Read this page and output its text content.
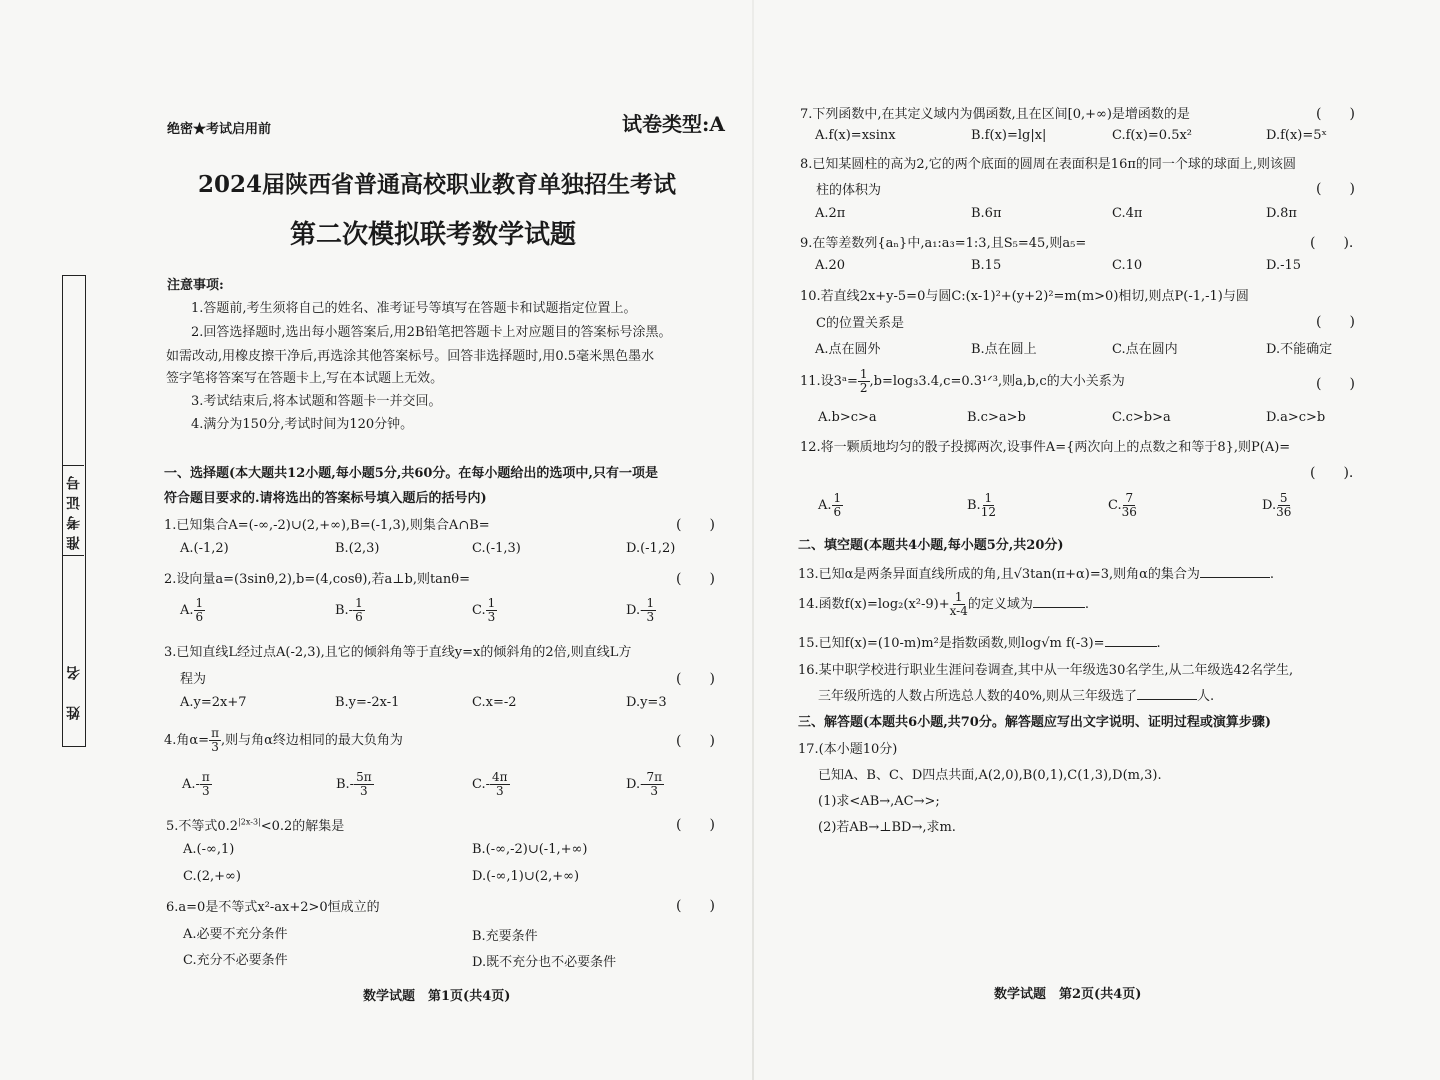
准考证号
姓　名
绝密★考试启用前	试卷类型:A
2024届陕西省普通高校职业教育单独招生考试
第二次模拟联考数学试题
注意事项:
1.答题前,考生须将自己的姓名、准考证号等填写在答题卡和试题指定位置上。
2.回答选择题时,选出每小题答案后,用2B铅笔把答题卡上对应题目的答案标号涂黑。
如需改动,用橡皮擦干净后,再选涂其他答案标号。回答非选择题时,用0.5毫米黑色墨水
签字笔将答案写在答题卡上,写在本试题上无效。
3.考试结束后,将本试题和答题卡一并交回。
4.满分为150分,考试时间为120分钟。
一、选择题(本大题共12小题,每小题5分,共60分。在每小题给出的选项中,只有一项是
符合题目要求的.请将选出的答案标号填入题后的括号内)
1.已知集合A=(-∞,-2)∪(2,+∞),B=(-1,3),则集合A∩B=	(　　)
A.(-1,2)	B.(2,3)	C.(-1,3)	D.(-1,2)
2.设向量a=(3sinθ,2),b=(4,cosθ),若a⊥b,则tanθ=	(　　)
A. $\frac{1}{6}$	$B.- \frac{1}{6}$	C. $\frac{1}{3}$	$D.- \frac{1}{3}$
3.已知直线L经过点A(-2,3),且它的倾斜角等于直线y=x的倾斜角的2倍,则直线L方
程为	(　　)
A.y=2x+7	B.y=-2x-1	C.x=-2	D.y=3
4.角$\alpha= \frac{\pi}{3}$ ,则与角α终边相同的最大负角为	(　　)
$A.- \frac{\pi}{3}$	$B.- \frac{5\pi}{3}$	$C.- \frac{4\pi}{3}$	$D.- \frac{7\pi}{3}$
5.不等式$0.2^{|2x-3|}<0.2$的解集是	(　　)
A.(-∞,1)	B.(-∞,-2)∪(-1,+∞)
C.(2,+∞)	D.(-∞,1)∪(2,+∞)
6.a=0是不等式x²-ax+2>0恒成立的	(　　)
A.必要不充分条件	B.充要条件
C.充分不必要条件	D.既不充分也不必要条件
数学试题　第1页(共4页)
7.下列函数中,在其定义域内为偶函数,且在区间[0,+∞)是增函数的是	(　　)
A.f(x)=xsinx	B.f(x)=lg|x|	C.f(x)=0.5x²	D.f(x)=5ˣ
8.已知某圆柱的高为2,它的两个底面的圆周在表面积是16π的同一个球的球面上,则该圆
柱的体积为	(　　)
A.2π	B.6π	C.4π	D.8π
9.在等差数列{aₙ}中,a₁:a₃=1:3,且S₅=45,则a₅=	(　　).
A.20	B.15	C.10	D.-15
10.若直线2x+y-5=0与圆C:(x-1)²+(y+2)²=m(m>0)相切,则点P(-1,-1)与圆
C的位置关系是	(　　)
A.点在圆外	B.点在圆上	C.点在圆内	D.不能确定
11.设3ᵃ= $\frac{1}{2}$ ,b=log₃3.4,c=0.3¹ᐟ³,则a,b,c的大小关系为	(　　)
A.b>c>a	B.c>a>b	C.c>b>a	D.a>c>b
12.将一颗质地均匀的骰子投掷两次,设事件A={两次向上的点数之和等于8},则P(A)=
(　　).
A. $\frac{1}{6}$	B. $\frac{1}{12}$	C. $\frac{7}{36}$	D. $\frac{5}{36}$
二、填空题(本题共4小题,每小题5分,共20分)
13.已知α是两条异面直线所成的角,且√3tan(π+α)=3,则角α的集合为	.
14.函数$f(x)=\log_2(x^2-9)+ \frac{1}{x-4}$ 的定义域为	.
15.已知f(x)=(10-m)m²是指数函数,则log√m f(-3)=	.
16.某中职学校进行职业生涯问卷调查,其中从一年级选30名学生,从二年级选42名学生,
三年级所选的人数占所选总人数的40%,则从三年级选了	人.
三、解答题(本题共6小题,共70分。解答题应写出文字说明、证明过程或演算步骤)
17.(本小题10分)
已知A、B、C、D四点共面,A(2,0),B(0,1),C(1,3),D(m,3).
(1)求<AB→,AC→>;
(2)若AB→⊥BD→,求m.
数学试题　第2页(共4页)
